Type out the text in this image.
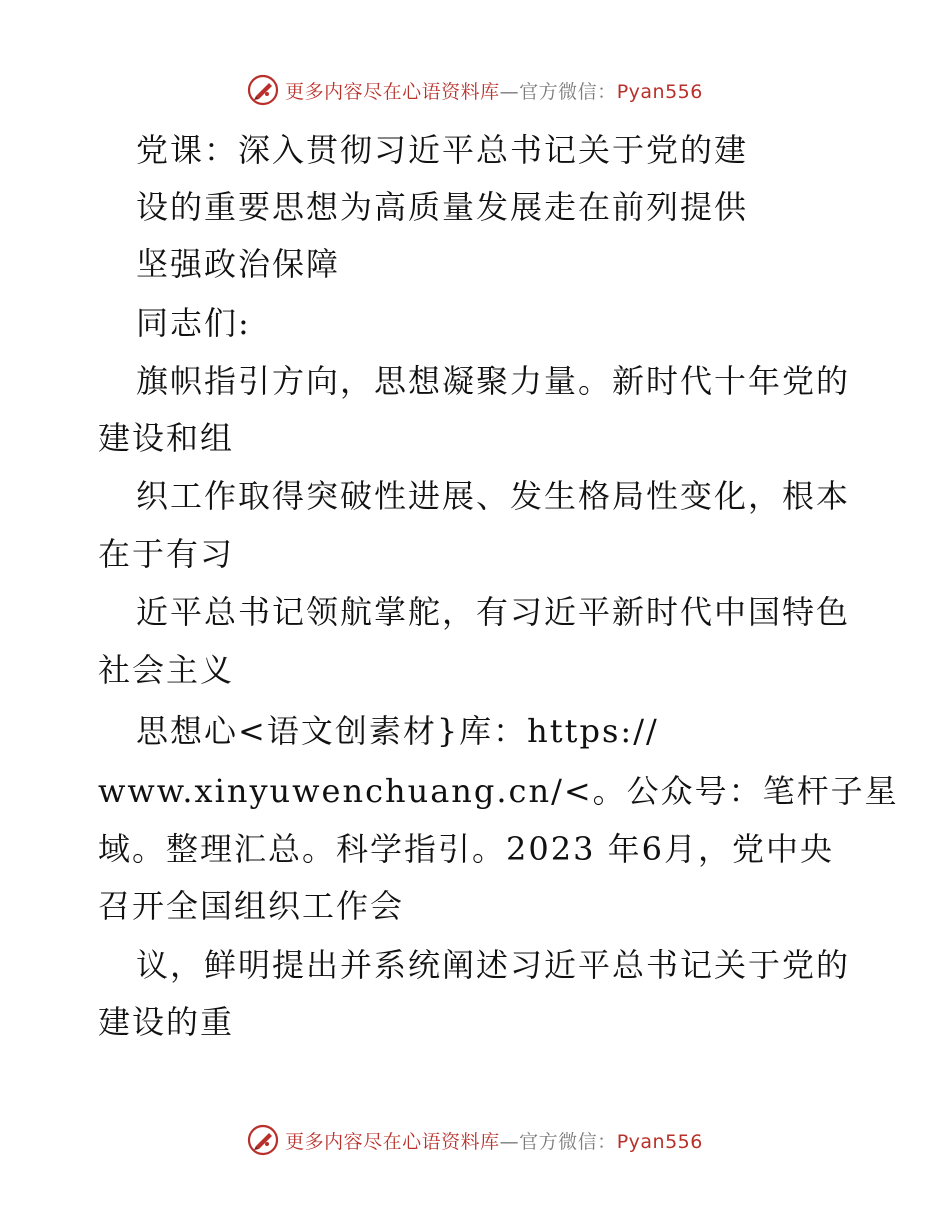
更多内容尽在心语资料库—官方微信：Pyan556
党课：深入贯彻习近平总书记关于党的建
设的重要思想为高质量发展走在前列提供
坚强政治保障
同志们:
旗帜指引方向，思想凝聚力量。新时代十年党的
建设和组
织工作取得突破性进展、发生格局性变化，根本
在于有习
近平总书记领航掌舵，有习近平新时代中国特色
社会主义
思想心<语文创素材}库：https://
www.xinyuwenchuang.cn/<。公众号：笔杆子星
域。整理汇总。科学指引。2023 年6月，党中央
召开全国组织工作会
议，鲜明提出并系统阐述习近平总书记关于党的
建设的重
更多内容尽在心语资料库—官方微信：Pyan556
